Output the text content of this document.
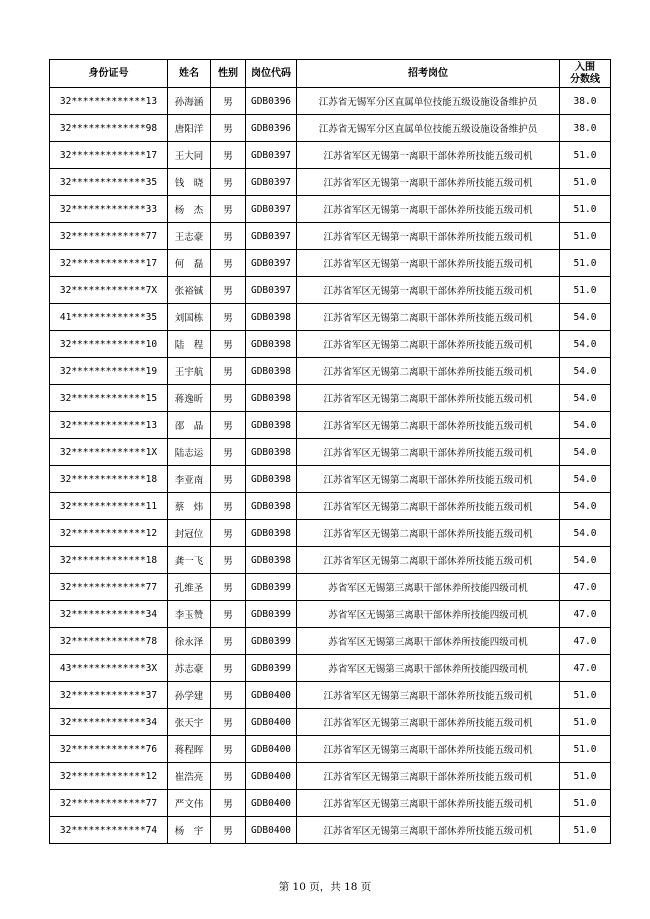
身份证号	姓名	性别	岗位代码	招考岗位	入围
分数线

32*************13	孙海涵	男	GDB0396	江苏省无锡军分区直属单位技能五级设施设备维护员	38.0
32*************98	唐阳洋	男	GDB0396	江苏省无锡军分区直属单位技能五级设施设备维护员	38.0
32*************17	王大同	男	GDB0397	江苏省军区无锡第一离职干部休养所技能五级司机	51.0
32*************35	钱　晓	男	GDB0397	江苏省军区无锡第一离职干部休养所技能五级司机	51.0
32*************33	杨　杰	男	GDB0397	江苏省军区无锡第一离职干部休养所技能五级司机	51.0
32*************77	王志豪	男	GDB0397	江苏省军区无锡第一离职干部休养所技能五级司机	51.0
32*************17	何　磊	男	GDB0397	江苏省军区无锡第一离职干部休养所技能五级司机	51.0
32*************7X	张裕铖	男	GDB0397	江苏省军区无锡第一离职干部休养所技能五级司机	51.0
41*************35	刘国栋	男	GDB0398	江苏省军区无锡第二离职干部休养所技能五级司机	54.0
32*************10	陆　程	男	GDB0398	江苏省军区无锡第二离职干部休养所技能五级司机	54.0
32*************19	王宇航	男	GDB0398	江苏省军区无锡第二离职干部休养所技能五级司机	54.0
32*************15	蒋逸昕	男	GDB0398	江苏省军区无锡第二离职干部休养所技能五级司机	54.0
32*************13	邵　晶	男	GDB0398	江苏省军区无锡第二离职干部休养所技能五级司机	54.0
32*************1X	陆志运	男	GDB0398	江苏省军区无锡第二离职干部休养所技能五级司机	54.0
32*************18	李亚南	男	GDB0398	江苏省军区无锡第二离职干部休养所技能五级司机	54.0
32*************11	蔡　炜	男	GDB0398	江苏省军区无锡第二离职干部休养所技能五级司机	54.0
32*************12	封冠位	男	GDB0398	江苏省军区无锡第二离职干部休养所技能五级司机	54.0
32*************18	龚一飞	男	GDB0398	江苏省军区无锡第二离职干部休养所技能五级司机	54.0
32*************77	孔维圣	男	GDB0399	苏省军区无锡第三离职干部休养所技能四级司机	47.0
32*************34	李玉赞	男	GDB0399	苏省军区无锡第三离职干部休养所技能四级司机	47.0
32*************78	徐永泽	男	GDB0399	苏省军区无锡第三离职干部休养所技能四级司机	47.0
43*************3X	苏志豪	男	GDB0399	苏省军区无锡第三离职干部休养所技能四级司机	47.0
32*************37	孙学建	男	GDB0400	江苏省军区无锡第三离职干部休养所技能五级司机	51.0
32*************34	张天宇	男	GDB0400	江苏省军区无锡第三离职干部休养所技能五级司机	51.0
32*************76	蒋程晖	男	GDB0400	江苏省军区无锡第三离职干部休养所技能五级司机	51.0
32*************12	崔浩亮	男	GDB0400	江苏省军区无锡第三离职干部休养所技能五级司机	51.0
32*************77	严文伟	男	GDB0400	江苏省军区无锡第三离职干部休养所技能五级司机	51.0
32*************74	杨　宇	男	GDB0400	江苏省军区无锡第三离职干部休养所技能五级司机	51.0
第 10 页，共 18 页
